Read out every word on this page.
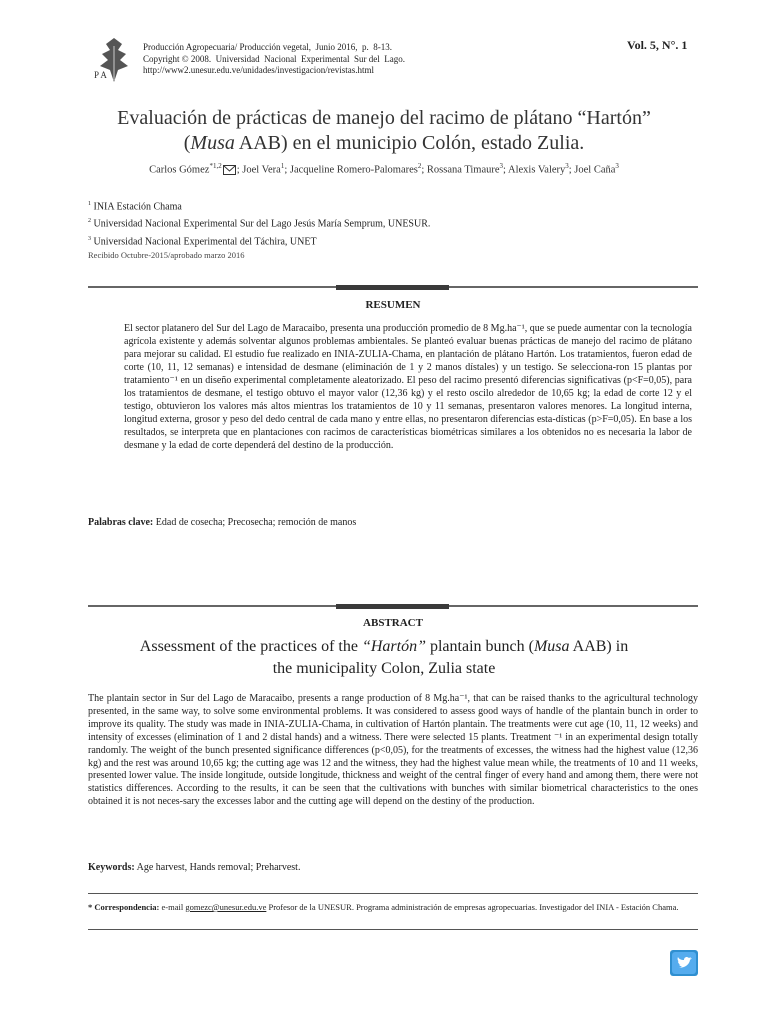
P A
Producción Agropecuaria/ Producción vegetal,  Junio 2016,  p.  8-13.
Copyright © 2008.  Universidad  Nacional  Experimental  Sur del  Lago.
http://www2.unesur.edu.ve/unidades/investigacion/revistas.html
Vol. 5, N°. 1
Evaluación de prácticas de manejo del racimo de plátano “Hartón”
(Musa AAB) en el municipio Colón, estado Zulia.
Carlos Gómez$^{*1,2}$ ; Joel Vera$^1$; Jacqueline Romero-Palomares$^2$; Rossana Timaure$^3$; Alexis Valery$^3$; Joel Caña$^3$
$^1$ INIA Estación Chama
$^2$ Universidad Nacional Experimental Sur del Lago Jesús María Semprum, UNESUR.
$^3$ Universidad Nacional Experimental del Táchira, UNET
Recibido Octubre-2015/aprobado marzo 2016
RESUMEN
El sector platanero del Sur del Lago de Maracaibo, presenta una producción promedio de 8 Mg.ha⁻¹, que se puede aumentar con la tecnología agrícola existente y además solventar algunos problemas ambientales. Se planteó evaluar buenas prácticas de manejo del racimo de plátano para mejorar su calidad. El estudio fue realizado en INIA-ZULIA-Chama, en plantación de plátano Hartón. Los tratamientos, fueron edad de corte (10, 11, 12 semanas) e intensidad de desmane (eliminación de 1 y 2 manos dístales) y un testigo. Se selecciona-ron 15 plantas por tratamiento⁻¹ en un diseño experimental completamente aleatorizado. El peso del racimo presentó diferencias significativas (p<F=0,05), para los tratamientos de desmane, el testigo obtuvo el mayor valor (12,36 kg) y el resto oscilo alrededor de 10,65 kg; la edad de corte 12 y el testigo, obtuvieron los valores más altos mientras los tratamientos de 10 y 11 semanas, presentaron valores menores. La longitud interna, longitud externa, grosor y peso del dedo central de cada mano y entre ellas, no presentaron diferencias esta-dísticas (p>F=0,05). En base a los resultados, se interpreta que en plantaciones con racimos de características biométricas similares a los obtenidos no es necesaria la labor de desmane y la edad de corte dependerá del destino de la producción.
Palabras clave: Edad de cosecha; Precosecha; remoción de manos
ABSTRACT
Assessment of the practices of the “Hartón” plantain bunch (Musa AAB) in
the municipality Colon, Zulia state
The plantain sector in Sur del Lago de Maracaibo, presents a range production of 8 Mg.ha⁻¹, that can be raised thanks to the agricultural technology presented, in the same way, to solve some environmental problems. It was considered to assess good ways of handle of the plantain bunch in order to improve its quality. The study was made in INIA-ZULIA-Chama, in cultivation of Hartón plantain. The treatments were cut age (10, 11, 12 weeks) and intensity of excesses (elimination of 1 and 2 distal hands) and a witness. There were selected 15 plants. Treatment ⁻¹ in an experimental design totally randomly. The weight of the bunch presented significance differences (p<0,05), for the treatments of excesses, the witness had the highest value (12,36 kg) and the rest was around 10,65 kg; the cutting age was 12 and the witness, they had the highest value mean while, the treatments of 10 and 11 weeks, presented lower value. The inside longitude, outside longitude, thickness and weight of the central finger of every hand and among them, there were not statistics differences. According to the results, it can be seen that the cultivations with bunches with similar biometrical characteristics to the ones obtained it is not neces-sary the excesses labor and the cutting age will depend on the destiny of the production.
Keywords: Age harvest, Hands removal; Preharvest.
* Correspondencia: e-mail gomezc@unesur.edu.ve Profesor de la UNESUR. Programa administración de empresas agropecuarias. Investigador del INIA - Estación Chama.
